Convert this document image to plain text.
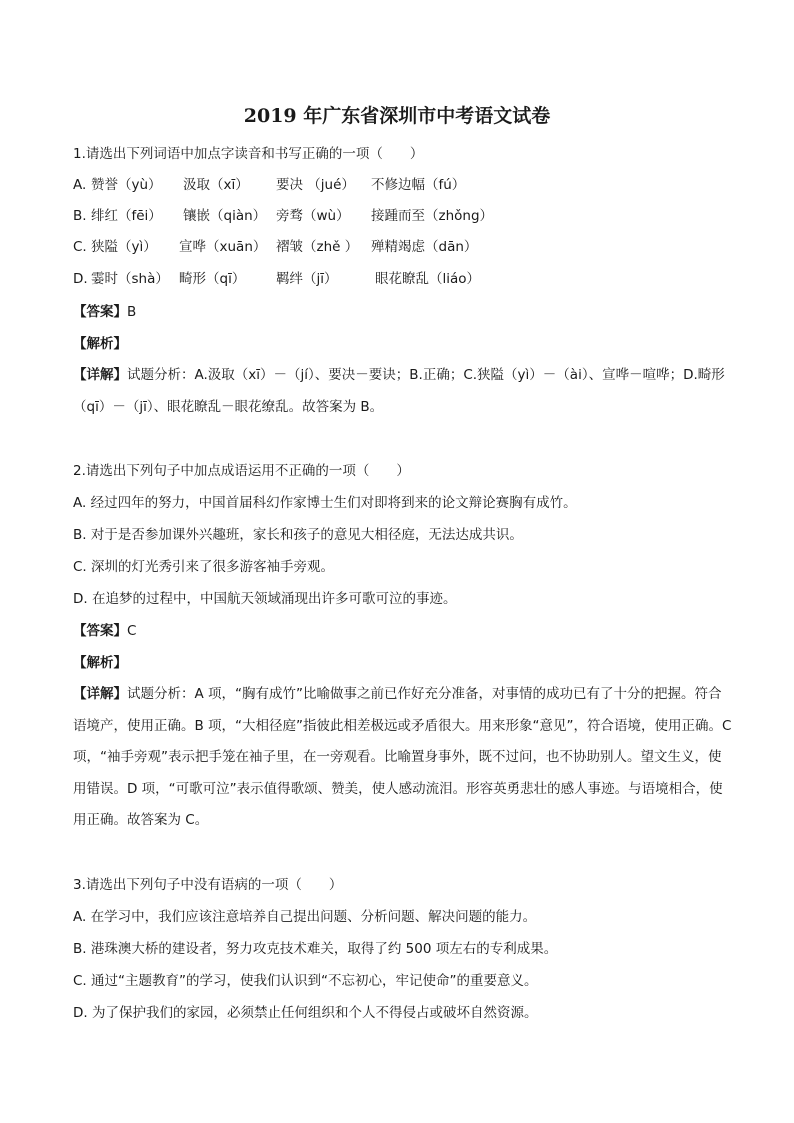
2019 年广东省深圳市中考语文试卷
1.请选出下列词语中加点字读音和书写正确的一项（　　）
A. 赞誉（yù） 汲取（xī） 要决 （jué） 不修边幅（fú）
B. 绯红（fēi） 镶嵌（qiàn） 旁骛（wù） 接踵而至（zhǒng）
C. 狭隘（yì） 宣哗（xuān） 褶皱（zhě ） 殚精竭虑（dān）
D. 霎时（shà） 畸形（qī） 羁绊（jī）	眼花瞭乱（liáo）
【答案】B
【解析】
【详解】试题分析：A.汲取（xī）－（jí）、要决－要诀；B.正确；C.狭隘（yì）－（ài）、宣哗－喧哗；D.畸形（qī）－（jī）、眼花瞭乱－眼花缭乱。故答案为 B。
2.请选出下列句子中加点成语运用不正确的一项（　　）
A. 经过四年的努力，中国首届科幻作家博士生们对即将到来的论文辩论赛胸有成竹。
B. 对于是否参加课外兴趣班，家长和孩子的意见大相径庭，无法达成共识。
C. 深圳的灯光秀引来了很多游客袖手旁观。
D. 在追梦的过程中，中国航天领域涌现出许多可歌可泣的事迹。
【答案】C
【解析】
【详解】试题分析：A 项，“胸有成竹”比喻做事之前已作好充分准备，对事情的成功已有了十分的把握。符合语境产，使用正确。B 项，“大相径庭”指彼此相差极远或矛盾很大。用来形象“意见”，符合语境，使用正确。C 项，“袖手旁观”表示把手笼在袖子里，在一旁观看。比喻置身事外，既不过问，也不协助别人。望文生义，使用错误。D 项，“可歌可泣”表示值得歌颂、赞美，使人感动流泪。形容英勇悲壮的感人事迹。与语境相合，使用正确。故答案为 C。
3.请选出下列句子中没有语病的一项（　　）
A. 在学习中，我们应该注意培养自己提出问题、分析问题、解决问题的能力。
B. 港珠澳大桥的建设者，努力攻克技术难关，取得了约 500 项左右的专利成果。
C. 通过“主题教育”的学习，使我们认识到“不忘初心，牢记使命”的重要意义。
D. 为了保护我们的家园，必须禁止任何组织和个人不得侵占或破坏自然资源。
